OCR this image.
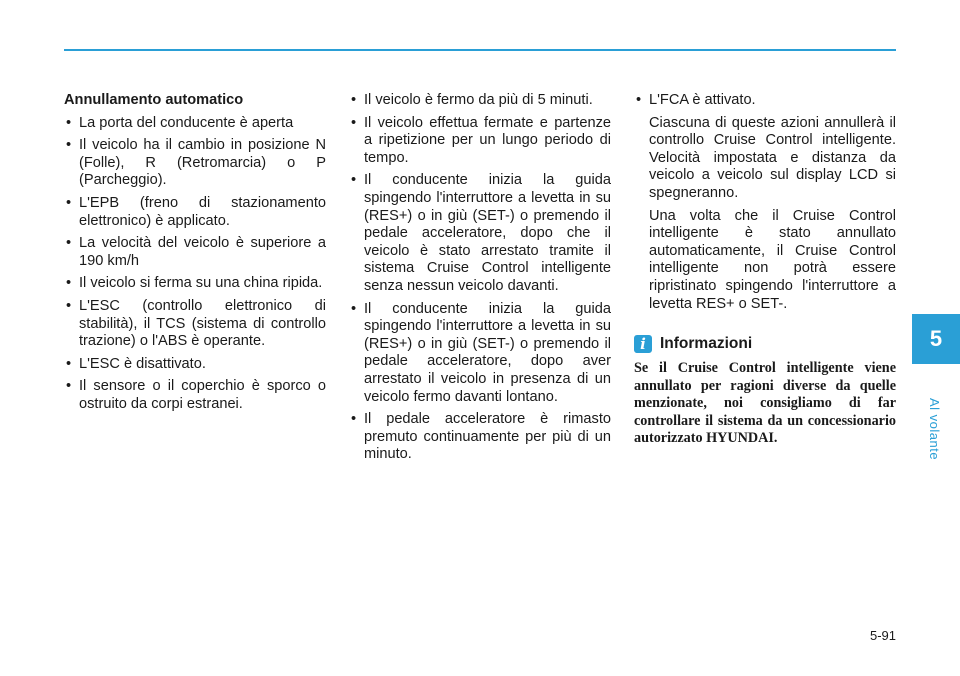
Annullamento automatico

• La porta del conducente è aperta
• Il veicolo ha il cambio in posizione N (Folle), R (Retromarcia) o P (Parcheggio).
• L'EPB (freno di stazionamento elettronico) è applicato.
• La velocità del veicolo è superiore a 190 km/h
• Il veicolo si ferma su una china ripida.
• L'ESC (controllo elettronico di stabilità), il TCS (sistema di controllo trazione) o l'ABS è operante.
• L'ESC è disattivato.
• Il sensore o il coperchio è sporco o ostruito da corpi estranei.
• Il veicolo è fermo da più di 5 minuti.
• Il veicolo effettua fermate e partenze a ripetizione per un lungo periodo di tempo.
• Il conducente inizia la guida spingendo l'interruttore a levetta in su (RES+) o in giù (SET-) o premendo il pedale acceleratore, dopo che il veicolo è stato arrestato tramite il sistema Cruise Control intelligente senza nessun veicolo davanti.
• Il conducente inizia la guida spingendo l'interruttore a levetta in su (RES+) o in giù (SET-) o premendo il pedale acceleratore, dopo aver arrestato il veicolo in presenza di un veicolo fermo davanti lontano.
• Il pedale acceleratore è rimasto premuto continuamente per più di un minuto.
• L'FCA è attivato.

Ciascuna di queste azioni annullerà il controllo Cruise Control intelligente. Velocità impostata e distanza da veicolo a veicolo sul display LCD si spegneranno.

Una volta che il Cruise Control intelligente è stato annullato automaticamente, il Cruise Control intelligente non potrà essere ripristinato spingendo l'interruttore a levetta RES+ o SET-.

i Informazioni

Se il Cruise Control intelligente viene annullato per ragioni diverse da quelle menzionate, noi consigliamo di far controllare il sistema da un concessionario autorizzato HYUNDAI.

5
Al volante
5-91
